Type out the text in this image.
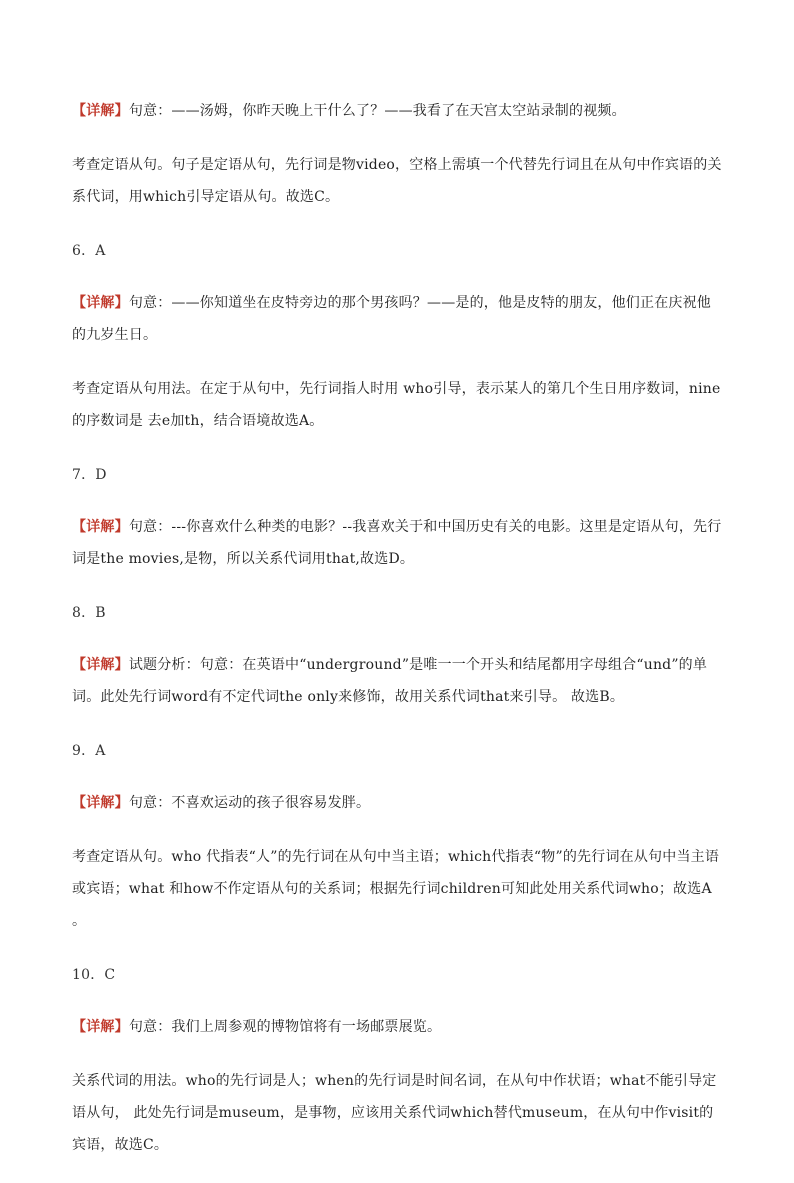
【详解】句意：——汤姆，你昨天晚上干什么了？——我看了在天宫太空站录制的视频。

考查定语从句。句子是定语从句，先行词是物video，空格上需填一个代替先行词且在从句中作宾语的关系代词，用which引导定语从句。故选C。

6．A

【详解】句意：——你知道坐在皮特旁边的那个男孩吗？——是的，他是皮特的朋友，他们正在庆祝他的九岁生日。

考查定语从句用法。在定于从句中，先行词指人时用 who引导，表示某人的第几个生日用序数词，nine的序数词是 去e加th，结合语境故选A。

7．D

【详解】句意：---你喜欢什么种类的电影？--我喜欢关于和中国历史有关的电影。这里是定语从句，先行词是the movies,是物，所以关系代词用that,故选D。

8．B

【详解】试题分析：句意：在英语中“underground”是唯一一个开头和结尾都用字母组合“und”的单词。此处先行词word有不定代词the only来修饰，故用关系代词that来引导。 故选B。

9．A

【详解】句意：不喜欢运动的孩子很容易发胖。

考查定语从句。who 代指表“人”的先行词在从句中当主语；which代指表“物”的先行词在从句中当主语或宾语；what 和how不作定语从句的关系词；根据先行词children可知此处用关系代词who；故选A 。

10．C

【详解】句意：我们上周参观的博物馆将有一场邮票展览。

关系代词的用法。who的先行词是人；when的先行词是时间名词，在从句中作状语；what不能引导定语从句， 此处先行词是museum，是事物，应该用关系代词which替代museum，在从句中作visit的宾语，故选C。
